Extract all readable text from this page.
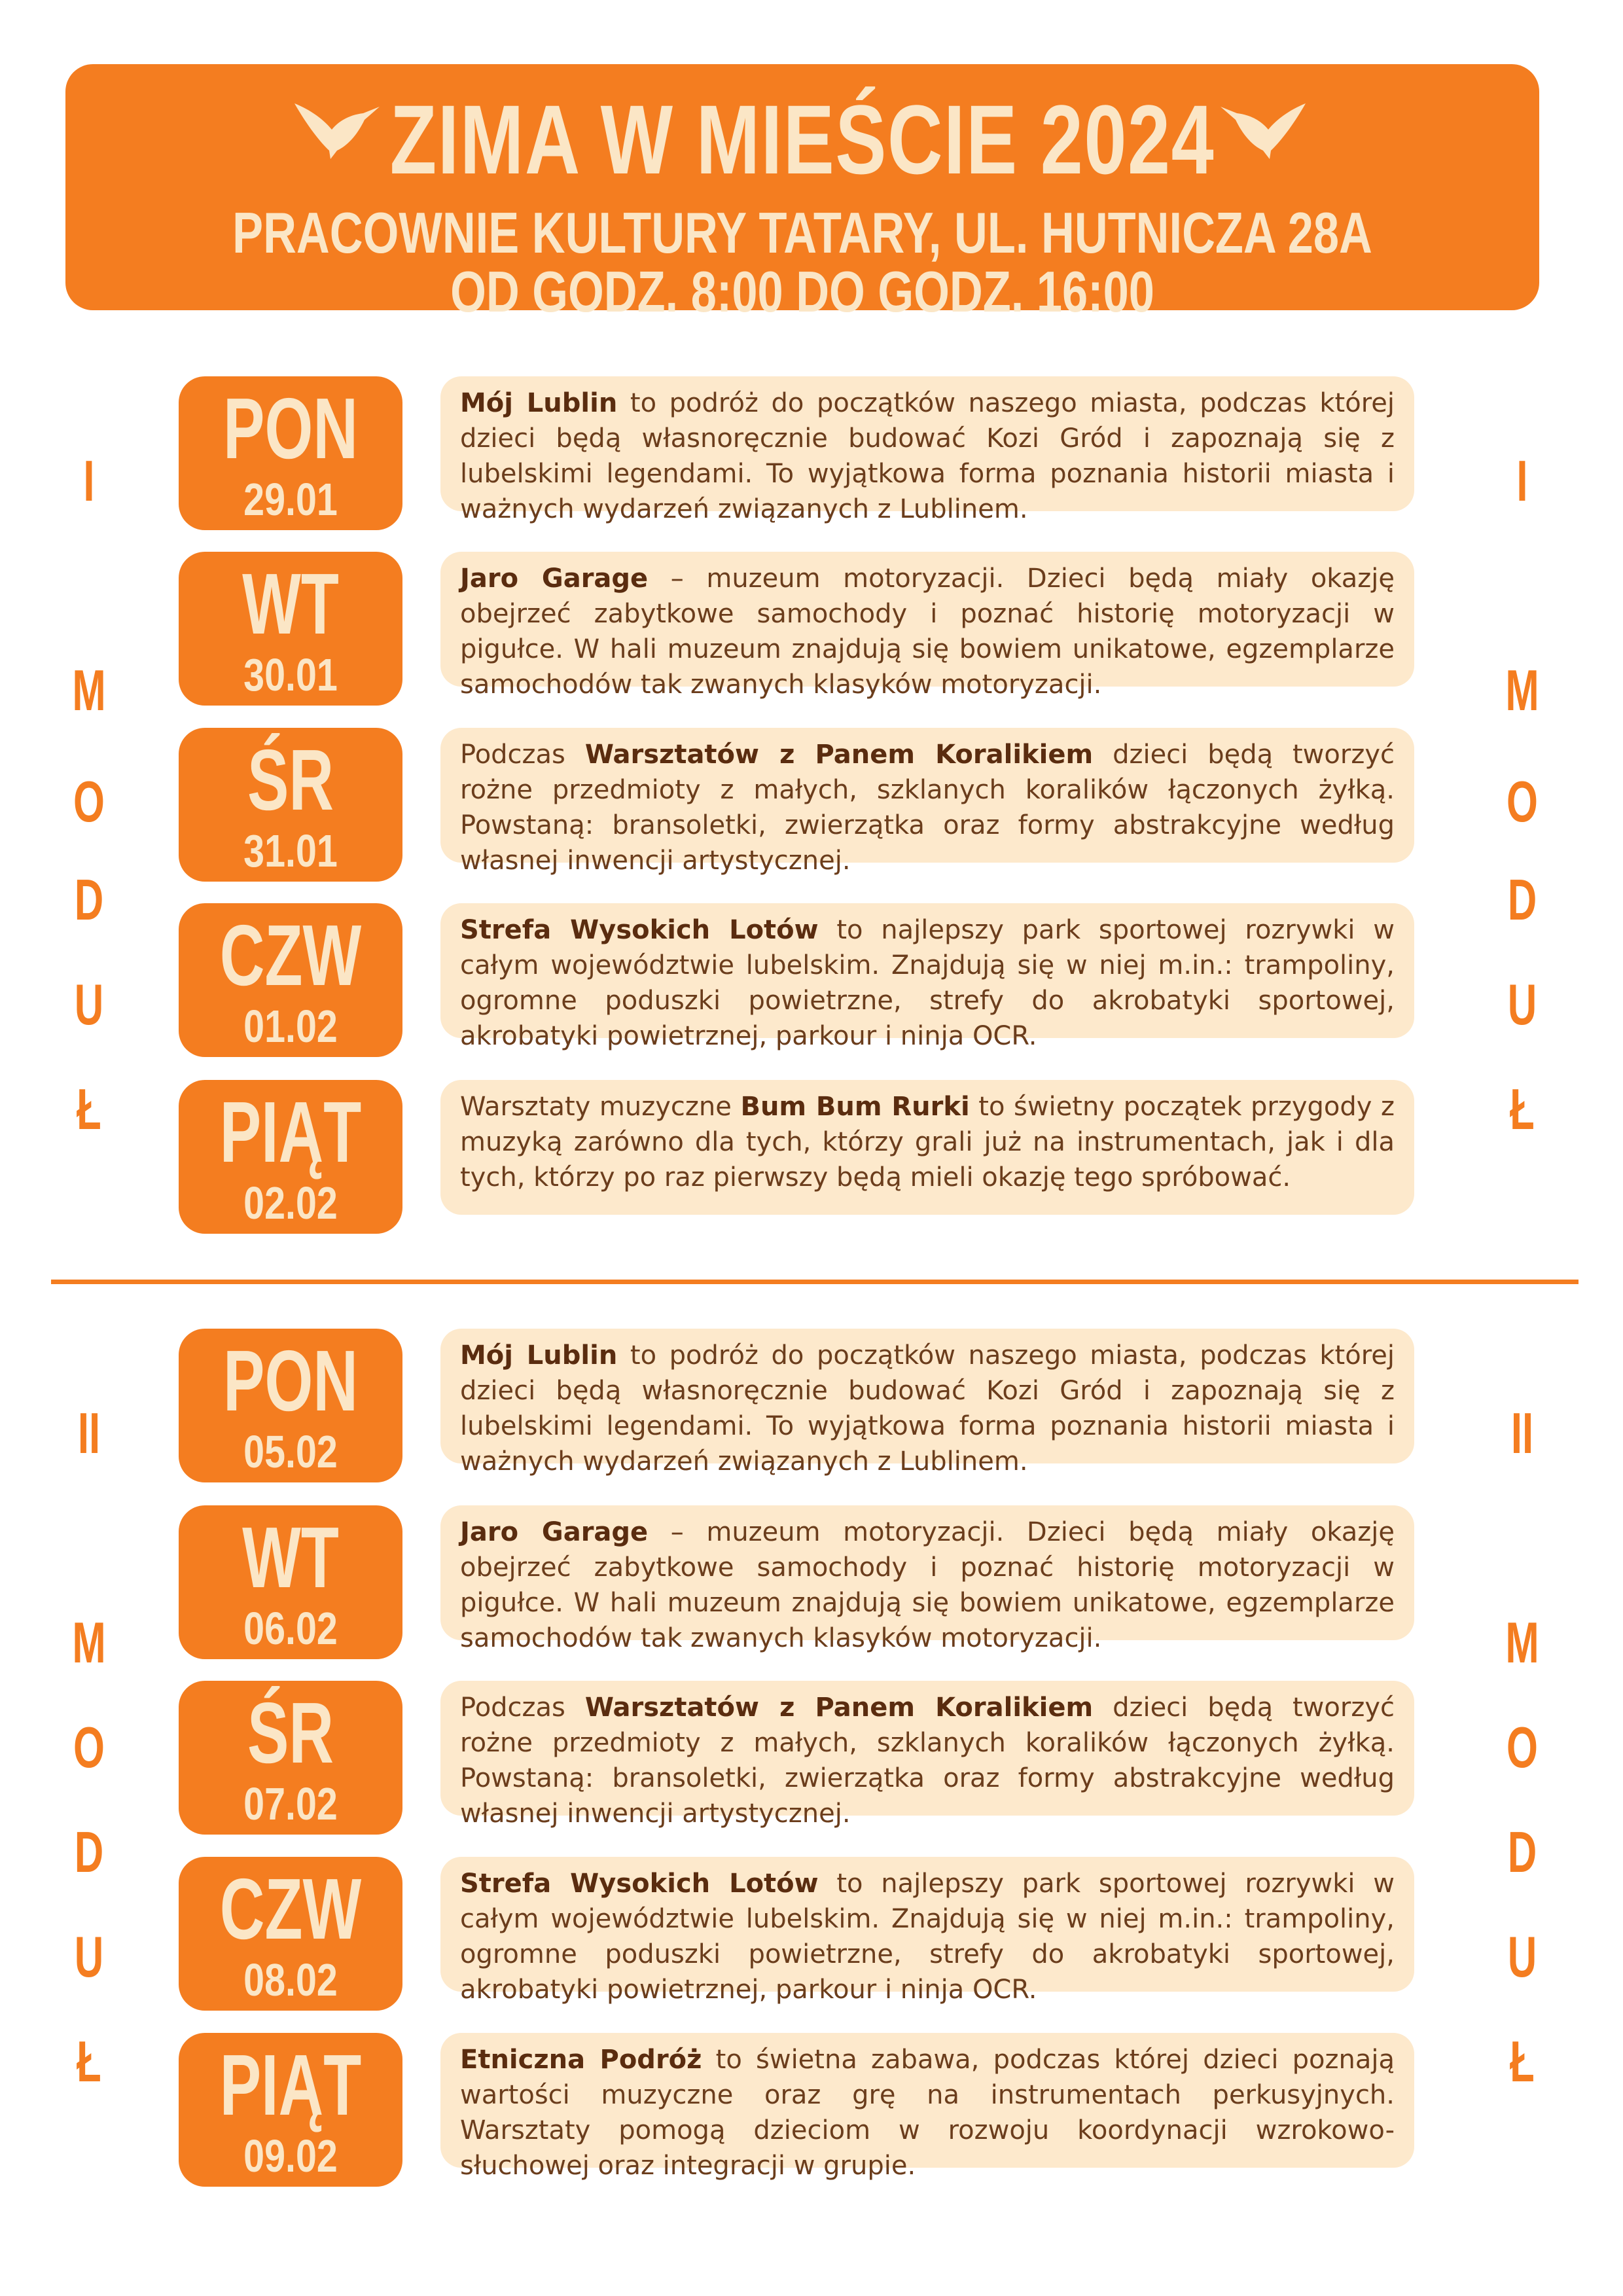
ZIMA W MIEŚCIE 2024
PRACOWNIE KULTURY TATARY, UL. HUTNICZA 28A
OD GODZ. 8:00 DO GODZ. 16:00
I
M
O
D
U
Ł
I
M
O
D
U
Ł
PON
29.01
Mój Lublin to podróż do początków naszego miasta, podczas której dzieci będą własnoręcznie budować Kozi Gród i zapoznają się z lubelskimi legendami. To wyjątkowa forma poznania historii miasta i ważnych wydarzeń związanych z Lublinem.
WT
30.01
Jaro Garage – muzeum motoryzacji. Dzieci będą miały okazję obejrzeć zabytkowe samochody i poznać historię motoryzacji w pigułce. W hali muzeum znajdują się bowiem unikatowe, egzemplarze samochodów tak zwanych klasyków motoryzacji.
ŚR
31.01
Podczas Warsztatów z Panem Koralikiem dzieci będą tworzyć rożne przedmioty z małych, szklanych koralików łączonych żyłką. Powstaną: bransoletki, zwierzątka oraz formy abstrakcyjne według własnej inwencji artystycznej.
CZW
01.02
Strefa Wysokich Lotów to najlepszy park sportowej rozrywki w całym województwie lubelskim. Znajdują się w niej m.in.: trampoliny, ogromne poduszki powietrzne, strefy do akrobatyki sportowej, akrobatyki powietrznej, parkour i ninja OCR.
PIĄT
02.02
Warsztaty muzyczne Bum Bum Rurki to świetny początek przygody z muzyką zarówno dla tych, którzy grali już na instrumentach, jak i dla tych, którzy po raz pierwszy będą mieli okazję tego spróbować.
II
M
O
D
U
Ł
II
M
O
D
U
Ł
PON
05.02
Mój Lublin to podróż do początków naszego miasta, podczas której dzieci będą własnoręcznie budować Kozi Gród i zapoznają się z lubelskimi legendami. To wyjątkowa forma poznania historii miasta i ważnych wydarzeń związanych z Lublinem.
WT
06.02
Jaro Garage – muzeum motoryzacji. Dzieci będą miały okazję obejrzeć zabytkowe samochody i poznać historię motoryzacji w pigułce. W hali muzeum znajdują się bowiem unikatowe, egzemplarze samochodów tak zwanych klasyków motoryzacji.
ŚR
07.02
Podczas Warsztatów z Panem Koralikiem dzieci będą tworzyć rożne przedmioty z małych, szklanych koralików łączonych żyłką. Powstaną: bransoletki, zwierzątka oraz formy abstrakcyjne według własnej inwencji artystycznej.
CZW
08.02
Strefa Wysokich Lotów to najlepszy park sportowej rozrywki w całym województwie lubelskim. Znajdują się w niej m.in.: trampoliny, ogromne poduszki powietrzne, strefy do akrobatyki sportowej, akrobatyki powietrznej, parkour i ninja OCR.
PIĄT
09.02
Etniczna Podróż to świetna zabawa, podczas której dzieci poznają wartości muzyczne oraz grę na instrumentach perkusyjnych. Warsztaty pomogą dzieciom w rozwoju koordynacji wzrokowo-słuchowej oraz integracji w grupie.
